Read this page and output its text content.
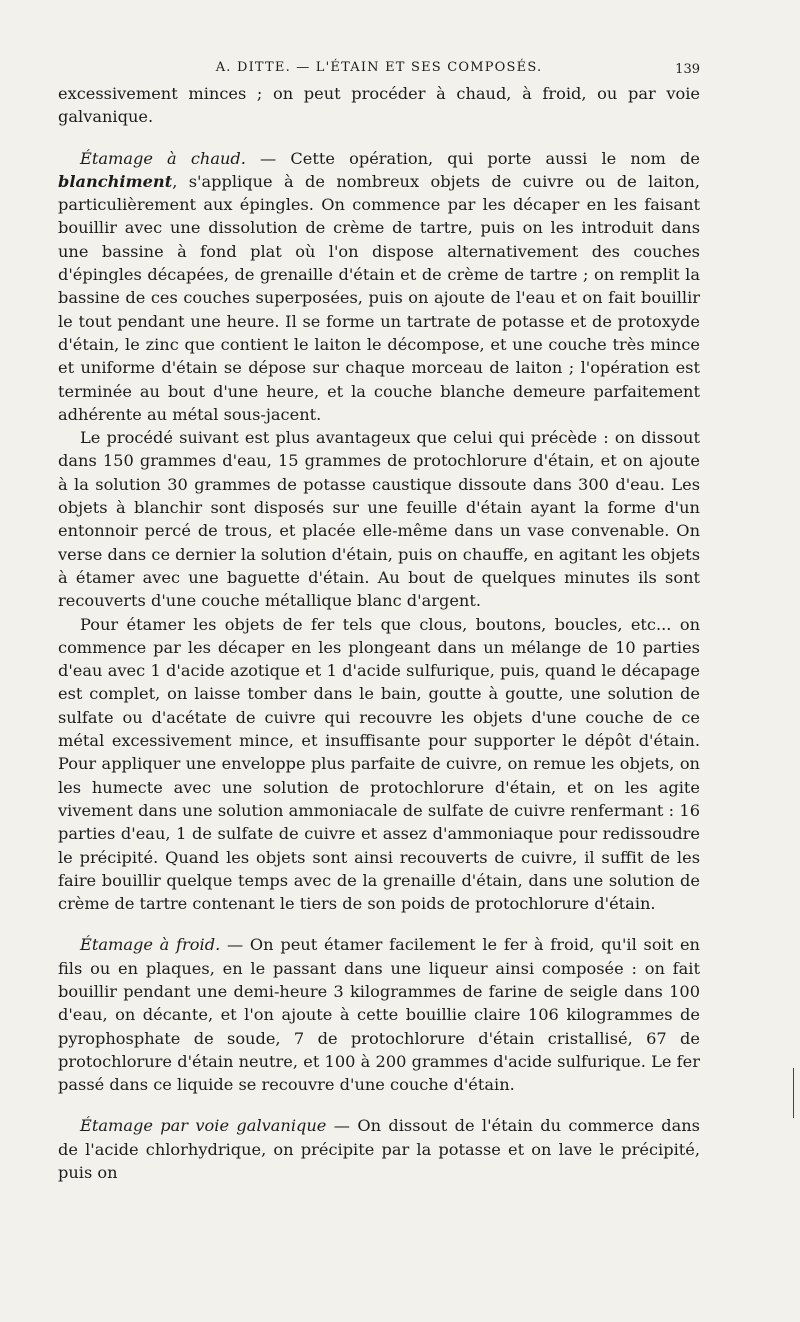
A. DITTE. — L'ÉTAIN ET SES COMPOSÉS.	139

excessivement minces ; on peut procéder à chaud, à froid, ou par voie galvanique.

Étamage à chaud. — Cette opération, qui porte aussi le nom de blanchiment, s'applique à de nombreux objets de cuivre ou de laiton, particulièrement aux épingles. On commence par les décaper en les faisant bouillir avec une dissolution de crème de tartre, puis on les introduit dans une bassine à fond plat où l'on dispose alternativement des couches d'épingles décapées, de grenaille d'étain et de crème de tartre ; on remplit la bassine de ces couches superposées, puis on ajoute de l'eau et on fait bouillir le tout pendant une heure. Il se forme un tartrate de potasse et de protoxyde d'étain, le zinc que contient le laiton le décompose, et une couche très mince et uniforme d'étain se dépose sur chaque morceau de laiton ; l'opération est terminée au bout d'une heure, et la couche blanche demeure parfaitement adhérente au métal sous-jacent.

Le procédé suivant est plus avantageux que celui qui précède : on dissout dans 150 grammes d'eau, 15 grammes de protochlorure d'étain, et on ajoute à la solution 30 grammes de potasse caustique dissoute dans 300 d'eau. Les objets à blanchir sont disposés sur une feuille d'étain ayant la forme d'un entonnoir percé de trous, et placée elle-même dans un vase convenable. On verse dans ce dernier la solution d'étain, puis on chauffe, en agitant les objets à étamer avec une baguette d'étain. Au bout de quelques minutes ils sont recouverts d'une couche métallique blanc d'argent.

Pour étamer les objets de fer tels que clous, boutons, boucles, etc... on commence par les décaper en les plongeant dans un mélange de 10 parties d'eau avec 1 d'acide azotique et 1 d'acide sulfurique, puis, quand le décapage est complet, on laisse tomber dans le bain, goutte à goutte, une solution de sulfate ou d'acétate de cuivre qui recouvre les objets d'une couche de ce métal excessivement mince, et insuffisante pour supporter le dépôt d'étain. Pour appliquer une enveloppe plus parfaite de cuivre, on remue les objets, on les humecte avec une solution de protochlorure d'étain, et on les agite vivement dans une solution ammoniacale de sulfate de cuivre renfermant : 16 parties d'eau, 1 de sulfate de cuivre et assez d'ammoniaque pour redissoudre le précipité. Quand les objets sont ainsi recouverts de cuivre, il suffit de les faire bouillir quelque temps avec de la grenaille d'étain, dans une solution de crème de tartre contenant le tiers de son poids de protochlorure d'étain.

Étamage à froid. — On peut étamer facilement le fer à froid, qu'il soit en fils ou en plaques, en le passant dans une liqueur ainsi composée : on fait bouillir pendant une demi-heure 3 kilogrammes de farine de seigle dans 100 d'eau, on décante, et l'on ajoute à cette bouillie claire 106 kilogrammes de pyrophosphate de soude, 7 de protochlorure d'étain cristallisé, 67 de protochlorure d'étain neutre, et 100 à 200 grammes d'acide sulfurique. Le fer passé dans ce liquide se recouvre d'une couche d'étain.

Étamage par voie galvanique — On dissout de l'étain du commerce dans de l'acide chlorhydrique, on précipite par la potasse et on lave le précipité, puis on
